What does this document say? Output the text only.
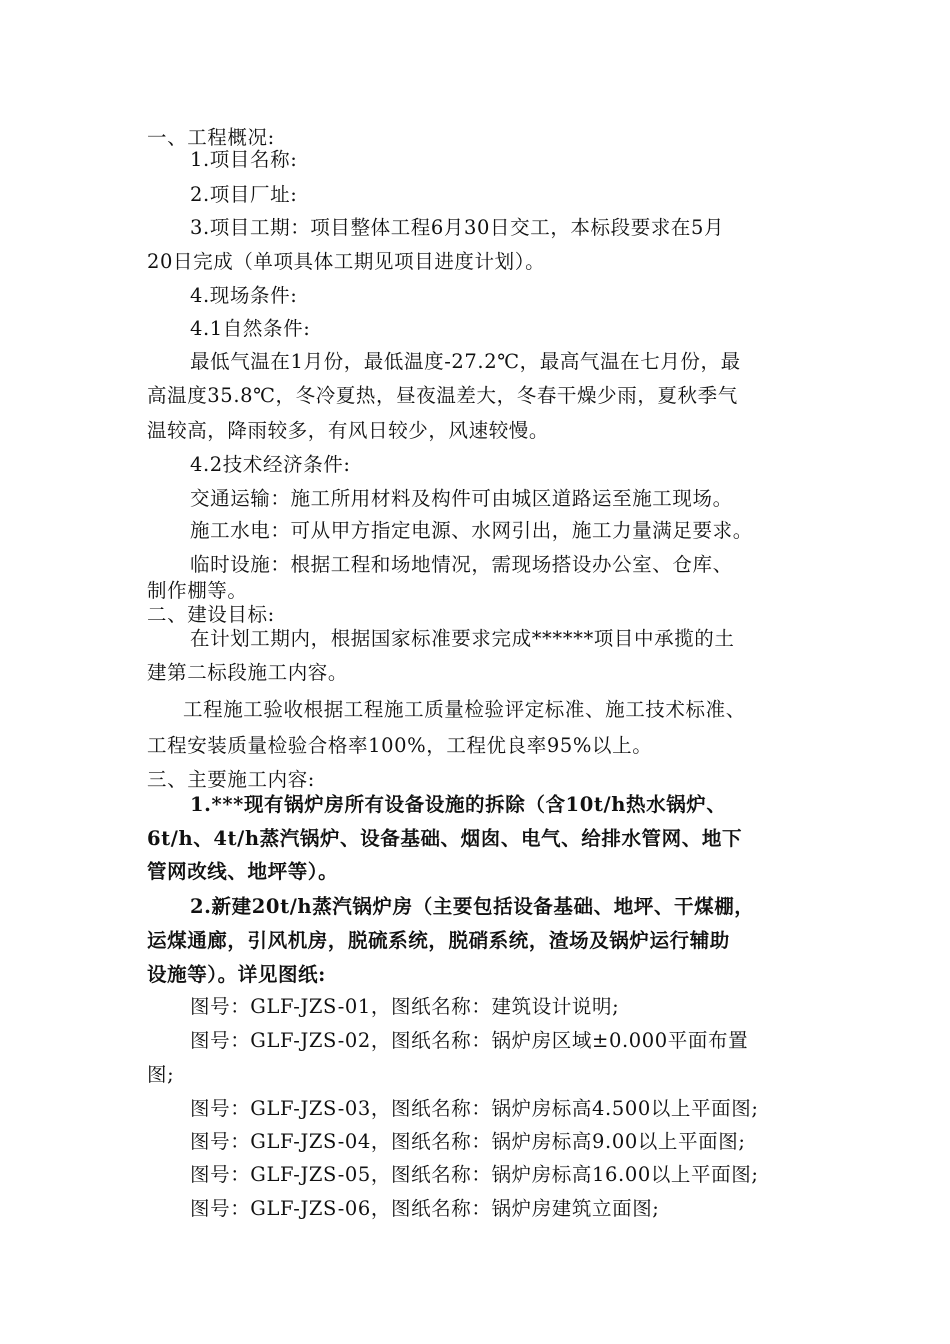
一、工程概况:

1.项目名称:

2.项目厂址:

3.项目工期：项目整体工程6月30日交工，本标段要求在5月

20日完成（单项具体工期见项目进度计划）。

4.现场条件:

4.1自然条件:

最低气温在1月份，最低温度-27.2℃，最高气温在七月份，最

高温度35.8℃，冬冷夏热，昼夜温差大，冬春干燥少雨，夏秋季气

温较高，降雨较多，有风日较少，风速较慢。

4.2技术经济条件:

交通运输：施工所用材料及构件可由城区道路运至施工现场。

施工水电：可从甲方指定电源、水网引出，施工力量满足要求。

临时设施：根据工程和场地情况，需现场搭设办公室、仓库、

制作棚等。

二、建设目标:

在计划工期内，根据国家标准要求完成******项目中承揽的土

建第二标段施工内容。

工程施工验收根据工程施工质量检验评定标准、施工技术标准、

工程安装质量检验合格率100%，工程优良率95%以上。

三、主要施工内容:

1.***现有锅炉房所有设备设施的拆除（含10t/h热水锅炉、

6t/h、4t/h蒸汽锅炉、设备基础、烟囱、电气、给排水管网、地下

管网改线、地坪等）。

2.新建20t/h蒸汽锅炉房（主要包括设备基础、地坪、干煤棚，

运煤通廊，引风机房，脱硫系统，脱硝系统，渣场及锅炉运行辅助

设施等）。详见图纸:

图号：GLF-JZS-01，图纸名称：建筑设计说明;

图号：GLF-JZS-02，图纸名称：锅炉房区域±0.000平面布置

图;

图号：GLF-JZS-03，图纸名称：锅炉房标高4.500以上平面图;

图号：GLF-JZS-04，图纸名称：锅炉房标高9.00以上平面图;

图号：GLF-JZS-05，图纸名称：锅炉房标高16.00以上平面图;

图号：GLF-JZS-06，图纸名称：锅炉房建筑立面图;
